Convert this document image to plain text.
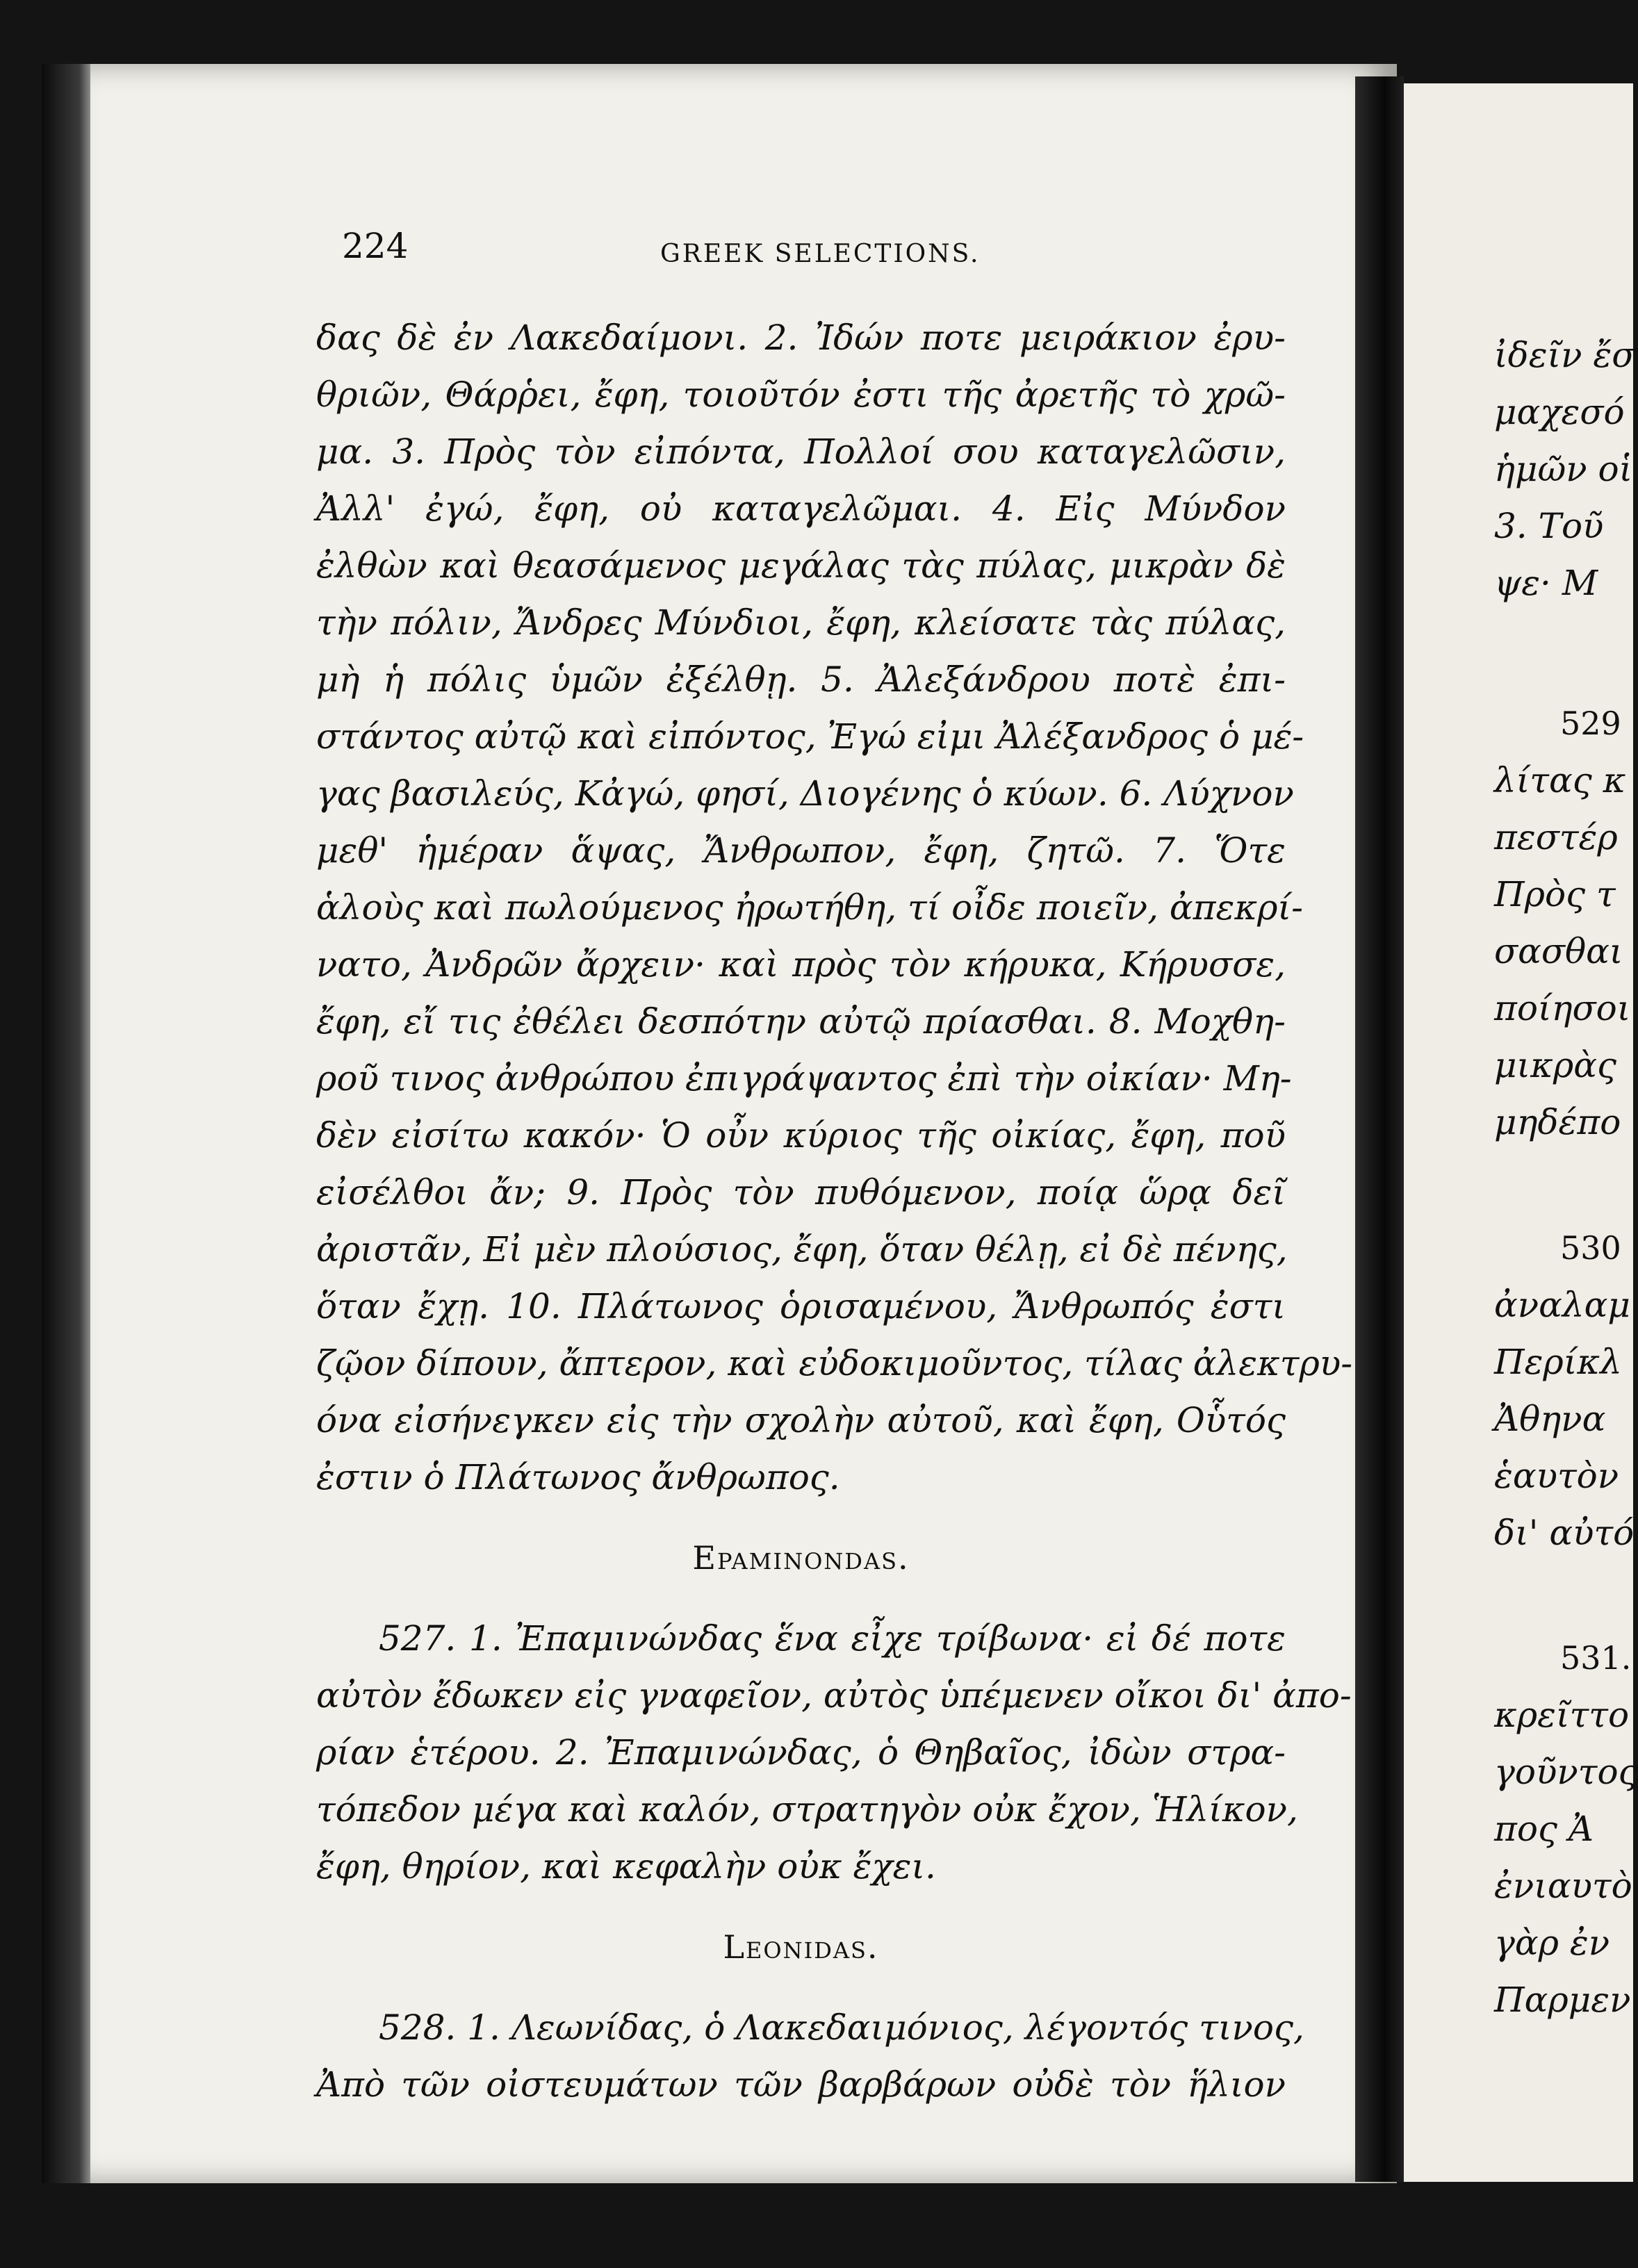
224	GREEK SELECTIONS.
δας δὲ ἐν Λακεδαίμονι. 2. Ἰδών ποτε μειράκιον ἐρυ-
θριῶν, Θάρῥει, ἔφη, τοιοῦτόν ἐστι τῆς ἀρετῆς τὸ χρῶ-
μα. 3. Πρὸς τὸν εἰπόντα, Πολλοί σου καταγελῶσιν,
Ἀλλ' ἐγώ, ἔφη, οὐ καταγελῶμαι. 4. Εἰς Μύνδον
ἐλθὼν καὶ θεασάμενος μεγάλας τὰς πύλας, μικρὰν δὲ
τὴν πόλιν, Ἄνδρες Μύνδιοι, ἔφη, κλείσατε τὰς πύλας,
μὴ ἡ πόλις ὑμῶν ἐξέλθῃ. 5. Ἀλεξάνδρου ποτὲ ἐπι-
στάντος αὐτῷ καὶ εἰπόντος, Ἐγώ εἰμι Ἀλέξανδρος ὁ μέ-
γας βασιλεύς, Κἀγώ, φησί, Διογένης ὁ κύων. 6. Λύχνον
μεθ' ἡμέραν ἅψας, Ἄνθρωπον, ἔφη, ζητῶ. 7. Ὅτε
ἁλοὺς καὶ πωλούμενος ἠρωτήθη, τί οἶδε ποιεῖν, ἀπεκρί-
νατο, Ἀνδρῶν ἄρχειν· καὶ πρὸς τὸν κήρυκα, Κήρυσσε,
ἔφη, εἴ τις ἐθέλει δεσπότην αὐτῷ πρίασθαι. 8. Μοχθη-
ροῦ τινος ἀνθρώπου ἐπιγράψαντος ἐπὶ τὴν οἰκίαν· Μη-
δὲν εἰσίτω κακόν· Ὁ οὖν κύριος τῆς οἰκίας, ἔφη, ποῦ
εἰσέλθοι ἄν; 9. Πρὸς τὸν πυθόμενον, ποίᾳ ὥρᾳ δεῖ
ἀριστᾶν, Εἰ μὲν πλούσιος, ἔφη, ὅταν θέλῃ, εἰ δὲ πένης,
ὅταν ἔχῃ. 10. Πλάτωνος ὁρισαμένου, Ἄνθρωπός ἐστι
ζῷον δίπουν, ἄπτερον, καὶ εὐδοκιμοῦντος, τίλας ἀλεκτρυ-
όνα εἰσήνεγκεν εἰς τὴν σχολὴν αὐτοῦ, καὶ ἔφη, Οὗτός
ἐστιν ὁ Πλάτωνος ἄνθρωπος.
Epaminondas.
527. 1. Ἐπαμινώνδας ἕνα εἶχε τρίβωνα· εἰ δέ ποτε
αὐτὸν ἔδωκεν εἰς γναφεῖον, αὐτὸς ὑπέμενεν οἴκοι δι' ἀπο-
ρίαν ἑτέρου. 2. Ἐπαμινώνδας, ὁ Θηβαῖος, ἰδὼν στρα-
τόπεδον μέγα καὶ καλόν, στρατηγὸν οὐκ ἔχον, Ἡλίκον,
ἔφη, θηρίον, καὶ κεφαλὴν οὐκ ἔχει.
Leonidas.
528. 1. Λεωνίδας, ὁ Λακεδαιμόνιος, λέγοντός τινος,
Ἀπὸ τῶν οἰστευμάτων τῶν βαρβάρων οὐδὲ τὸν ἥλιον
ἰδεῖν ἔσ
μαχεσό
ἡμῶν οἱ
3. Τοῦ
ψε· Μ
529
λίτας κ
πεστέρ
Πρὸς τ
σασθαι
ποίησοι
μικρὰς
μηδέπο
530
ἀναλαμ
Περίκλ
Ἀθηνα
ἑαυτὸν
δι' αὐτό
531.
κρεῖττο
γοῦντος
πος Ἀ
ἐνιαυτὸ
γὰρ ἐν
Παρμεν
